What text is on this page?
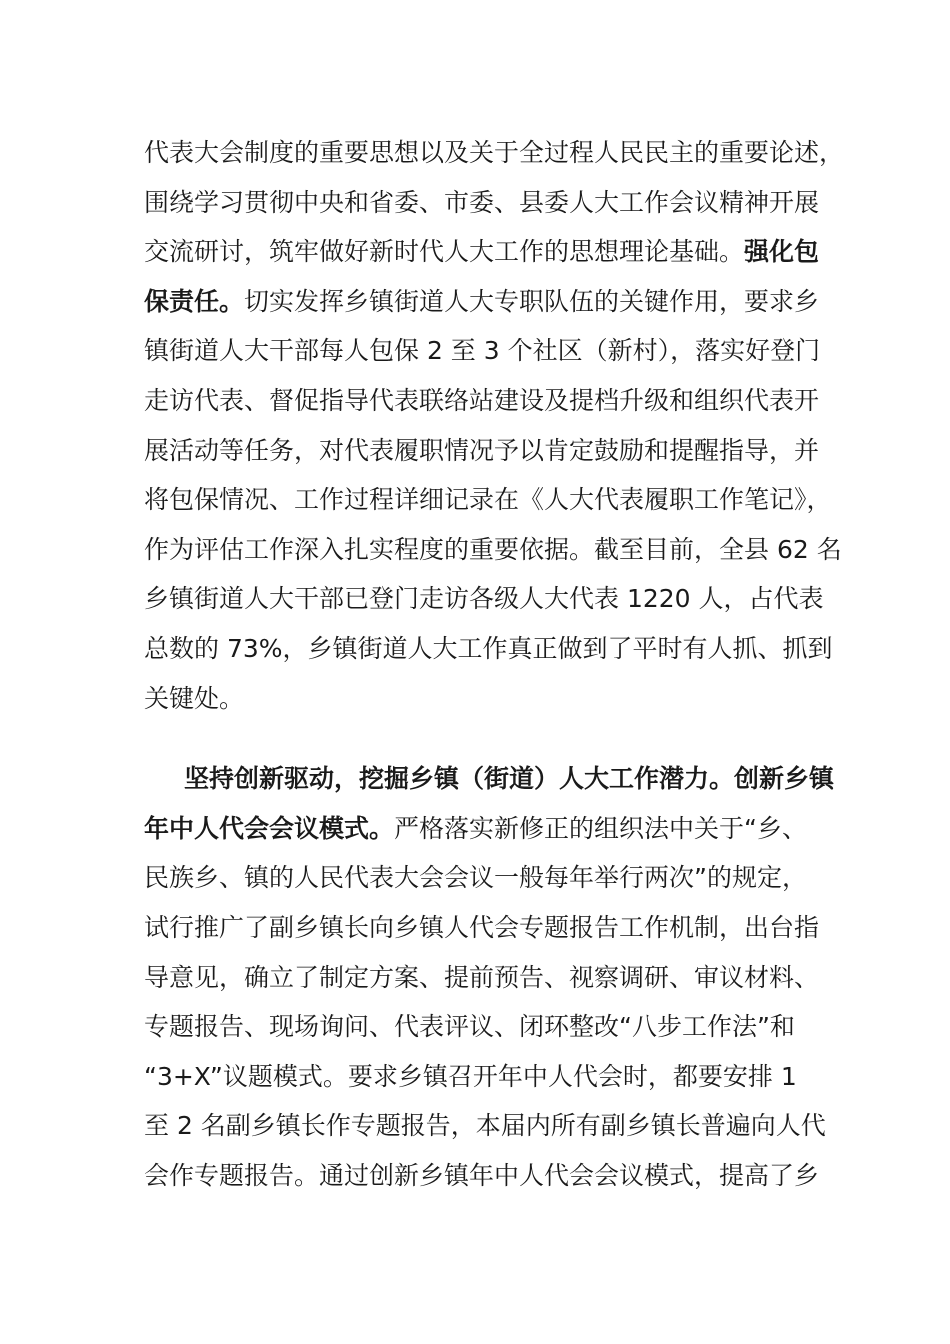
代表大会制度的重要思想以及关于全过程人民民主的重要论述，
围绕学习贯彻中央和省委、市委、县委人大工作会议精神开展
交流研讨，筑牢做好新时代人大工作的思想理论基础。强化包
保责任。切实发挥乡镇街道人大专职队伍的关键作用，要求乡
镇街道人大干部每人包保 2 至 3 个社区（新村），落实好登门
走访代表、督促指导代表联络站建设及提档升级和组织代表开
展活动等任务，对代表履职情况予以肯定鼓励和提醒指导，并
将包保情况、工作过程详细记录在《人大代表履职工作笔记》，
作为评估工作深入扎实程度的重要依据。截至目前，全县 62 名
乡镇街道人大干部已登门走访各级人大代表 1220 人，占代表
总数的 73%，乡镇街道人大工作真正做到了平时有人抓、抓到
关键处。
坚持创新驱动，挖掘乡镇（街道）人大工作潜力。创新乡镇
年中人代会会议模式。严格落实新修正的组织法中关于“乡、
民族乡、镇的人民代表大会会议一般每年举行两次”的规定，
试行推广了副乡镇长向乡镇人代会专题报告工作机制，出台指
导意见，确立了制定方案、提前预告、视察调研、审议材料、
专题报告、现场询问、代表评议、闭环整改“八步工作法”和
“3+X”议题模式。要求乡镇召开年中人代会时，都要安排 1
至 2 名副乡镇长作专题报告，本届内所有副乡镇长普遍向人代
会作专题报告。通过创新乡镇年中人代会会议模式，提高了乡
